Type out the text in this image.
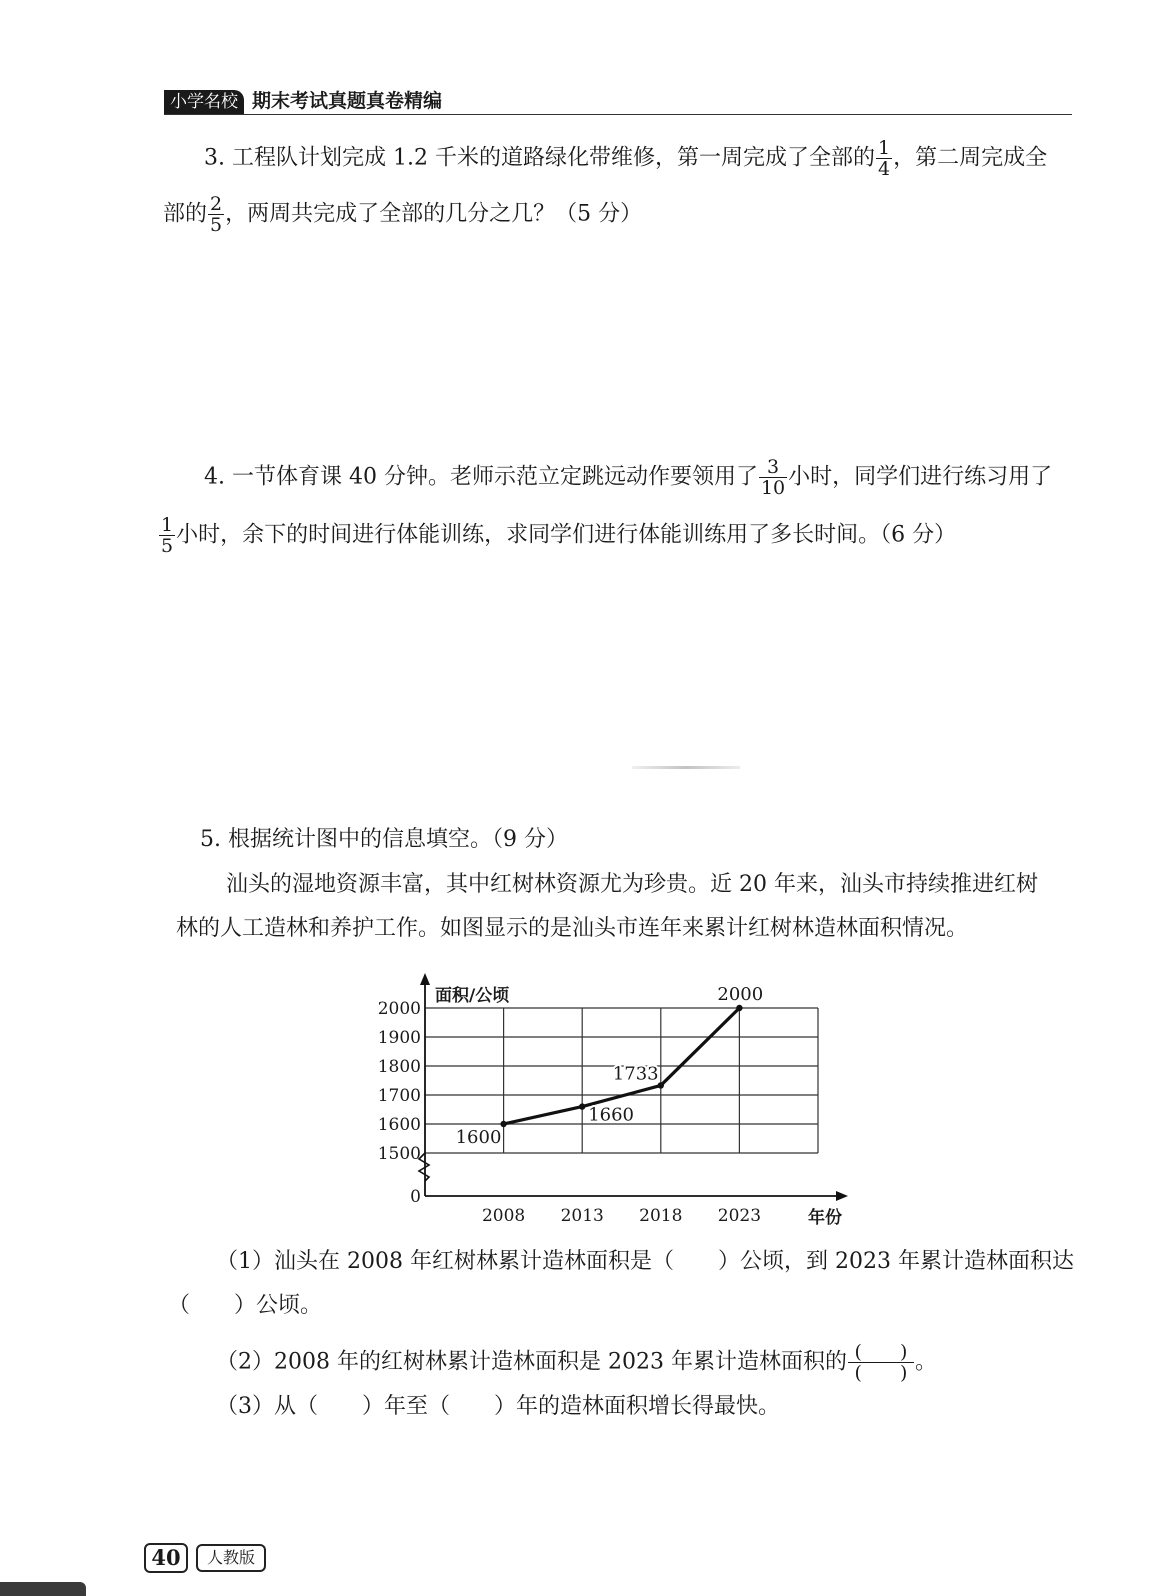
小学名校 期末考试真题真卷精编
3. 工程队计划完成 1.2 千米的道路绿化带维修，第一周完成了全部的 $\frac{1}{4}$ ，第二周完成全
部的 $\frac{2}{5}$ ，两周共完成了全部的几分之几？（5 分）
4. 一节体育课 40 分钟。老师示范立定跳远动作要领用了 $\frac{3}{10}$ 小时，同学们进行练习用了
$\frac{1}{5}$ 小时，余下的时间进行体能训练，求同学们进行体能训练用了多长时间。（6 分）
5. 根据统计图中的信息填空。（9 分）
汕头的湿地资源丰富，其中红树林资源尤为珍贵。近 20 年来，汕头市持续推进红树
林的人工造林和养护工作。如图显示的是汕头市连年来累计红树林造林面积情况。
0
1500
1600
1700
1800
1900
2000
2008 2013 2018 2023
面积/公顷
年份
1600
1660
1733
2000
（1）汕头在 2008 年红树林累计造林面积是（　　）公顷，到 2023 年累计造林面积达
（　　）公顷。
（2）2008 年的红树林累计造林面积是 2023 年累计造林面积的 $\frac{( )}{( )}$ 。
（3）从（　　）年至（　　）年的造林面积增长得最快。
40	人教版
